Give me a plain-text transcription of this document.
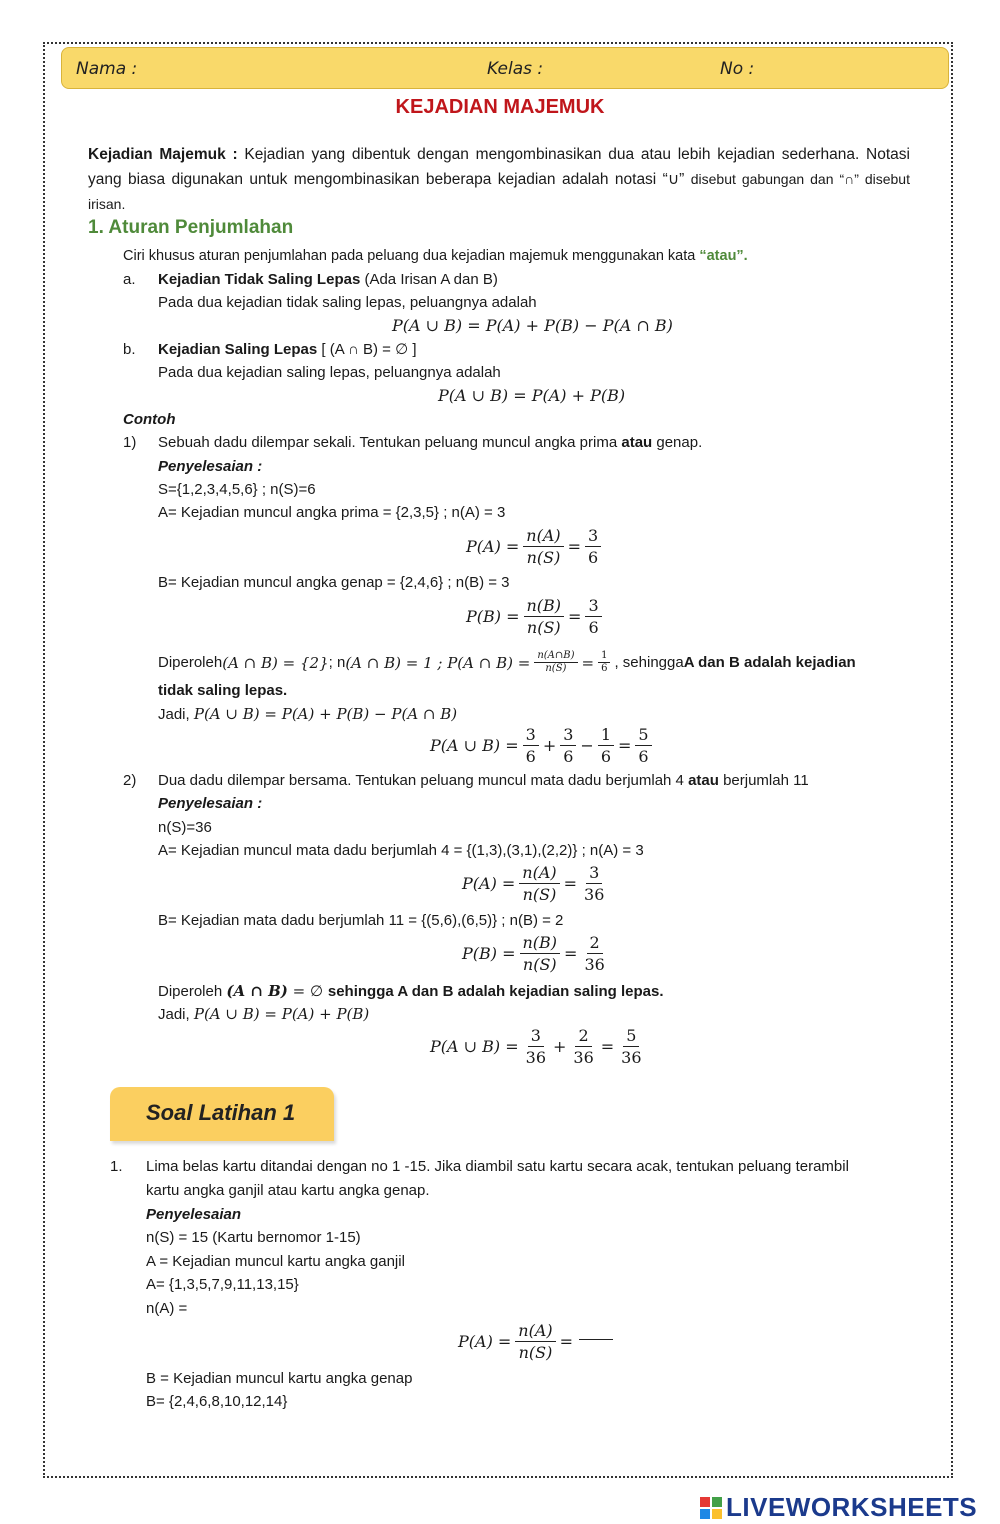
Nama :	Kelas :	No :
KEJADIAN MAJEMUK
Kejadian Majemuk : Kejadian yang dibentuk dengan mengombinasikan dua atau lebih kejadian sederhana. Notasi yang biasa digunakan untuk mengombinasikan beberapa kejadian adalah notasi “∪” disebut gabungan dan “∩” disebut irisan.
1. Aturan Penjumlahan
Ciri khusus aturan penjumlahan pada peluang dua kejadian majemuk menggunakan kata “atau”.
a. Kejadian Tidak Saling Lepas (Ada Irisan A dan B)
Pada dua kejadian tidak saling lepas, peluangnya adalah
P(A ∪ B) = P(A) + P(B) − P(A ∩ B)
b. Kejadian Saling Lepas [ (A ∩ B) = ∅ ]
Pada dua kejadian saling lepas, peluangnya adalah
P(A ∪ B) = P(A) + P(B)
Contoh
1) Sebuah dadu dilempar sekali. Tentukan peluang muncul angka prima atau genap.
Penyelesaian :
S={1,2,3,4,5,6} ; n(S)=6
A= Kejadian muncul angka prima = {2,3,5} ; n(A) = 3
$P(A) = \frac{n(A)}{n(S)} = \frac{3}{6}$
B= Kejadian muncul angka genap = {2,4,6} ; n(B) = 3
$P(B) = \frac{n(B)}{n(S)} = \frac{3}{6}$
Diperoleh (A ∩ B) = {2} ; n (A ∩ B) = 1 ; P(A ∩ $B) = \frac{n(A\cap B)}{n(S)} = \frac{1}{6}$ , sehingga A dan B adalah kejadian
tidak saling lepas.
Jadi, P(A ∪ B) = P(A) + P(B) − P(A ∩ B)
P(A ∪ $B) = \frac{3}{6} + \frac{3}{6} - \frac{1}{6} = \frac{5}{6}$
2) Dua dadu dilempar bersama. Tentukan peluang muncul mata dadu berjumlah 4 atau berjumlah 11
Penyelesaian :
n(S)=36
A= Kejadian muncul mata dadu berjumlah 4 = {(1,3),(3,1),(2,2)} ; n(A) = 3
$P(A) = \frac{n(A)}{n(S)} = \frac{3}{36}$
B= Kejadian mata dadu berjumlah 11 = {(5,6),(6,5)} ; n(B) = 2
$P(B) = \frac{n(B)}{n(S)} = \frac{2}{36}$
Diperoleh (A ∩ B) = ∅ sehingga A dan B adalah kejadian saling lepas.
Jadi, P(A ∪ B) = P(A) + P(B)
P(A ∪ $B) = \frac{3}{36} + \frac{2}{36} = \frac{5}{36}$
Soal Latihan 1
1. Lima belas kartu ditandai dengan no 1 -15. Jika diambil satu kartu secara acak, tentukan peluang terambil
kartu angka ganjil atau kartu angka genap.
Penyelesaian
n(S) = 15 (Kartu bernomor 1-15)
A = Kejadian muncul kartu angka ganjil
A= {1,3,5,7,9,11,13,15}
n(A) =
$P(A) = \frac{n(A)}{n(S)}$ =
B = Kejadian muncul kartu angka genap
B= {2,4,6,8,10,12,14}
LIVEWORKSHEETS
